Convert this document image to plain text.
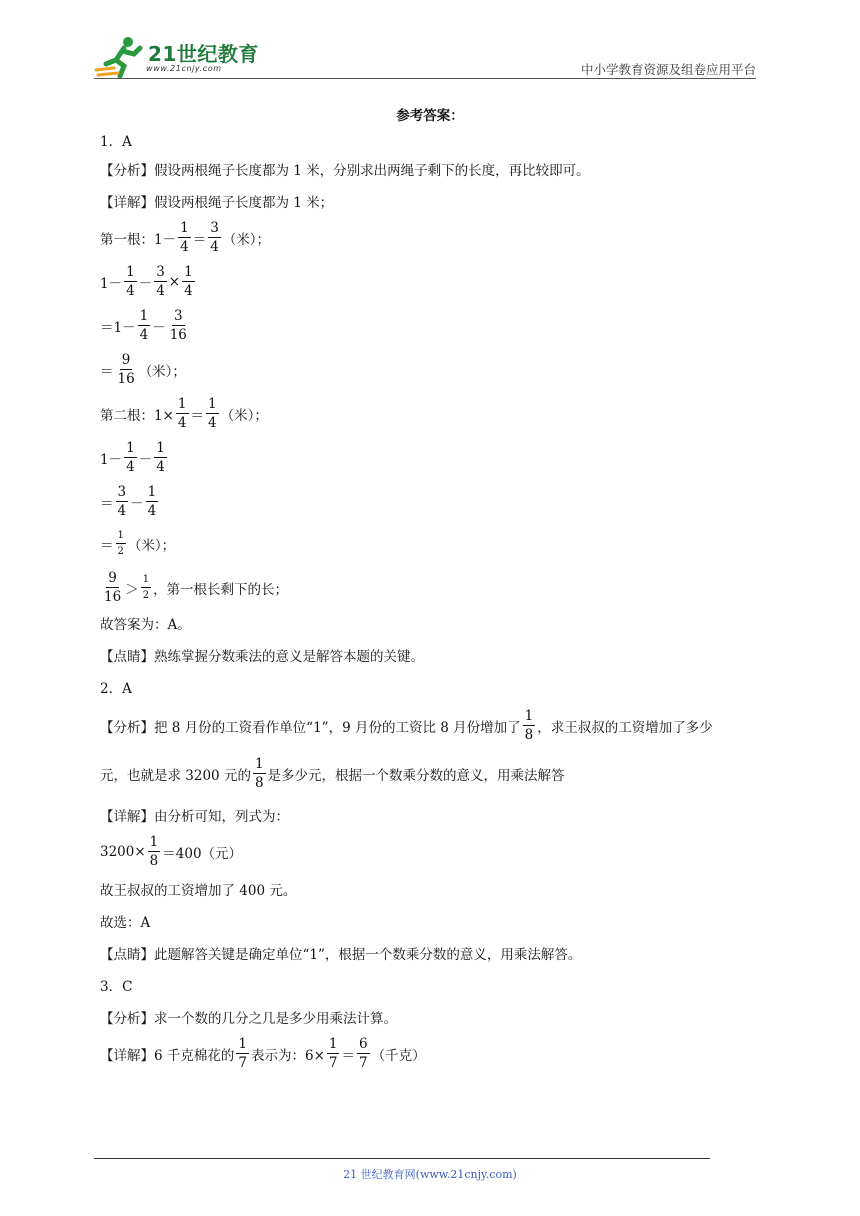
21世纪教育
www.21cnjy.com	中小学教育资源及组卷应用平台
参考答案：
1．A
【分析】假设两根绳子长度都为 1 米，分别求出两绳子剩下的长度，再比较即可。
【详解】假设两根绳子长度都为 1 米；
第一根：$1- \frac{1}{4} = \frac{3}{4}$ （米）；
$1- \frac{1}{4} - \frac{3}{4} \times \frac{1}{4}$
$=1- \frac{1}{4} - \frac{3}{16}$
＝ $\frac{9}{16}$ （米）；
第二根：$1\times \frac{1}{4} = \frac{1}{4}$ （米）；
$1- \frac{1}{4} - \frac{1}{4}$
＝ $\frac{3}{4} - \frac{1}{4}$
＝ $\frac{1}{2}$ （米）；
$\frac{9}{16} > \frac{1}{2}$ ，第一根长剩下的长；
故答案为：A。
【点睛】熟练掌握分数乘法的意义是解答本题的关键。
2．A
【分析】把 8 月份的工资看作单位“1”，9 月份的工资比 8 月份增加了 $\frac{1}{8}$ ，求王叔叔的工资增加了多少
元，也就是求 3200 元的 $\frac{1}{8}$ 是多少元，根据一个数乘分数的意义，用乘法解答
【详解】由分析可知，列式为：
$3200\times \frac{1}{8} =400$（元）
故王叔叔的工资增加了 400 元。
故选：A
【点睛】此题解答关键是确定单位“1”，根据一个数乘分数的意义，用乘法解答。
3．C
【分析】求一个数的几分之几是多少用乘法计算。
【详解】6 千克棉花的 $\frac{1}{7}$ 表示为：$6\times \frac{1}{7} = \frac{6}{7}$ （千克）
21 世纪教育网(www.21cnjy.com)
